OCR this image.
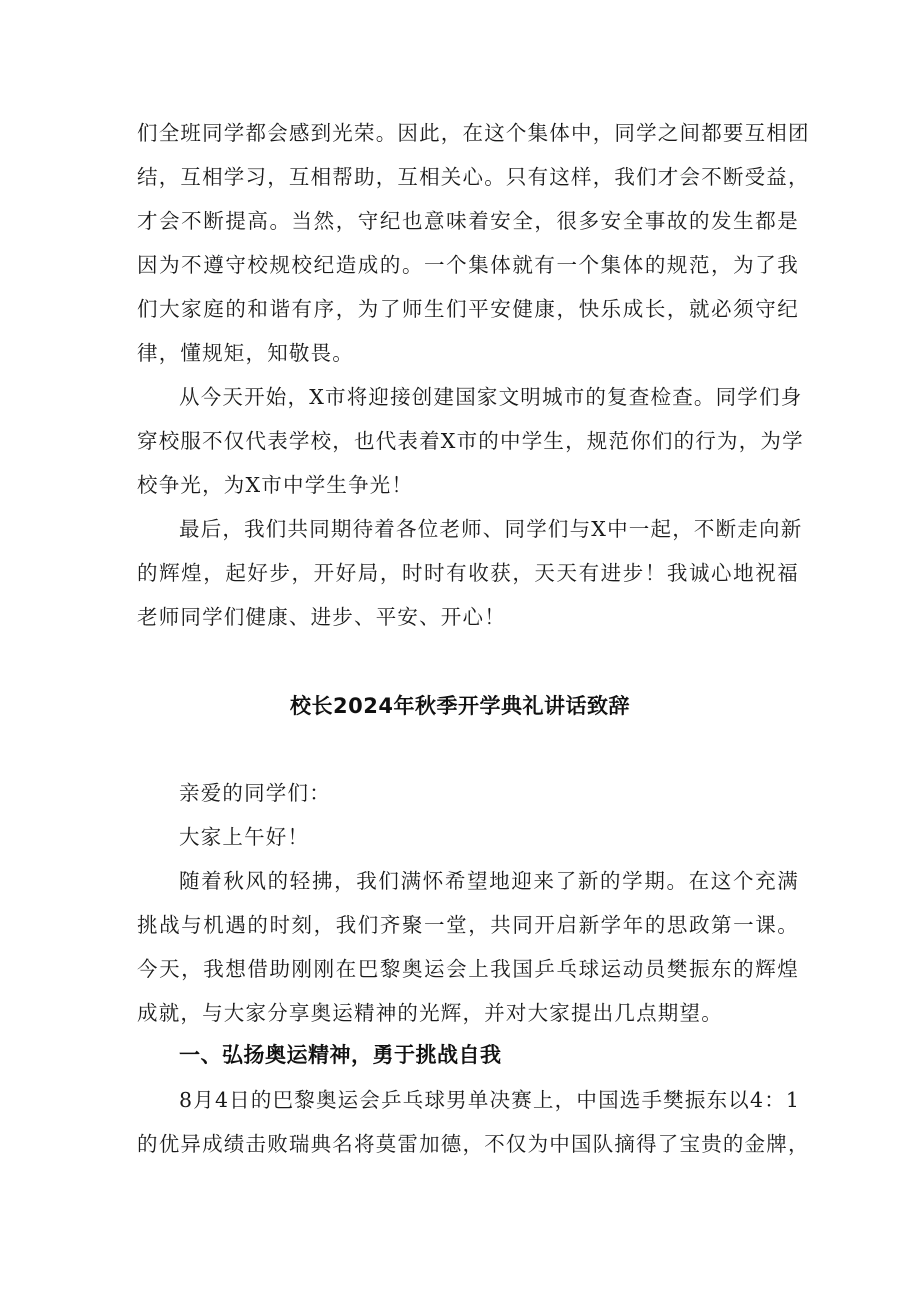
们全班同学都会感到光荣。因此，在这个集体中，同学之间都要互相团
结，互相学习，互相帮助，互相关心。只有这样，我们才会不断受益，
才会不断提高。当然，守纪也意味着安全，很多安全事故的发生都是
因为不遵守校规校纪造成的。一个集体就有一个集体的规范，为了我
们大家庭的和谐有序，为了师生们平安健康，快乐成长，就必须守纪
律，懂规矩，知敬畏。
从今天开始，X市将迎接创建国家文明城市的复查检查。同学们身
穿校服不仅代表学校，也代表着X市的中学生，规范你们的行为，为学
校争光，为X市中学生争光！
最后，我们共同期待着各位老师、同学们与X中一起，不断走向新
的辉煌，起好步，开好局，时时有收获，天天有进步！我诚心地祝福
老师同学们健康、进步、平安、开心！
校长2024年秋季开学典礼讲话致辞
亲爱的同学们：
大家上午好！
随着秋风的轻拂，我们满怀希望地迎来了新的学期。在这个充满
挑战与机遇的时刻，我们齐聚一堂，共同开启新学年的思政第一课。
今天，我想借助刚刚在巴黎奥运会上我国乒乓球运动员樊振东的辉煌
成就，与大家分享奥运精神的光辉，并对大家提出几点期望。
一、弘扬奥运精神，勇于挑战自我
8月4日的巴黎奥运会乒乓球男单决赛上，中国选手樊振东以4：1
的优异成绩击败瑞典名将莫雷加德，不仅为中国队摘得了宝贵的金牌，
